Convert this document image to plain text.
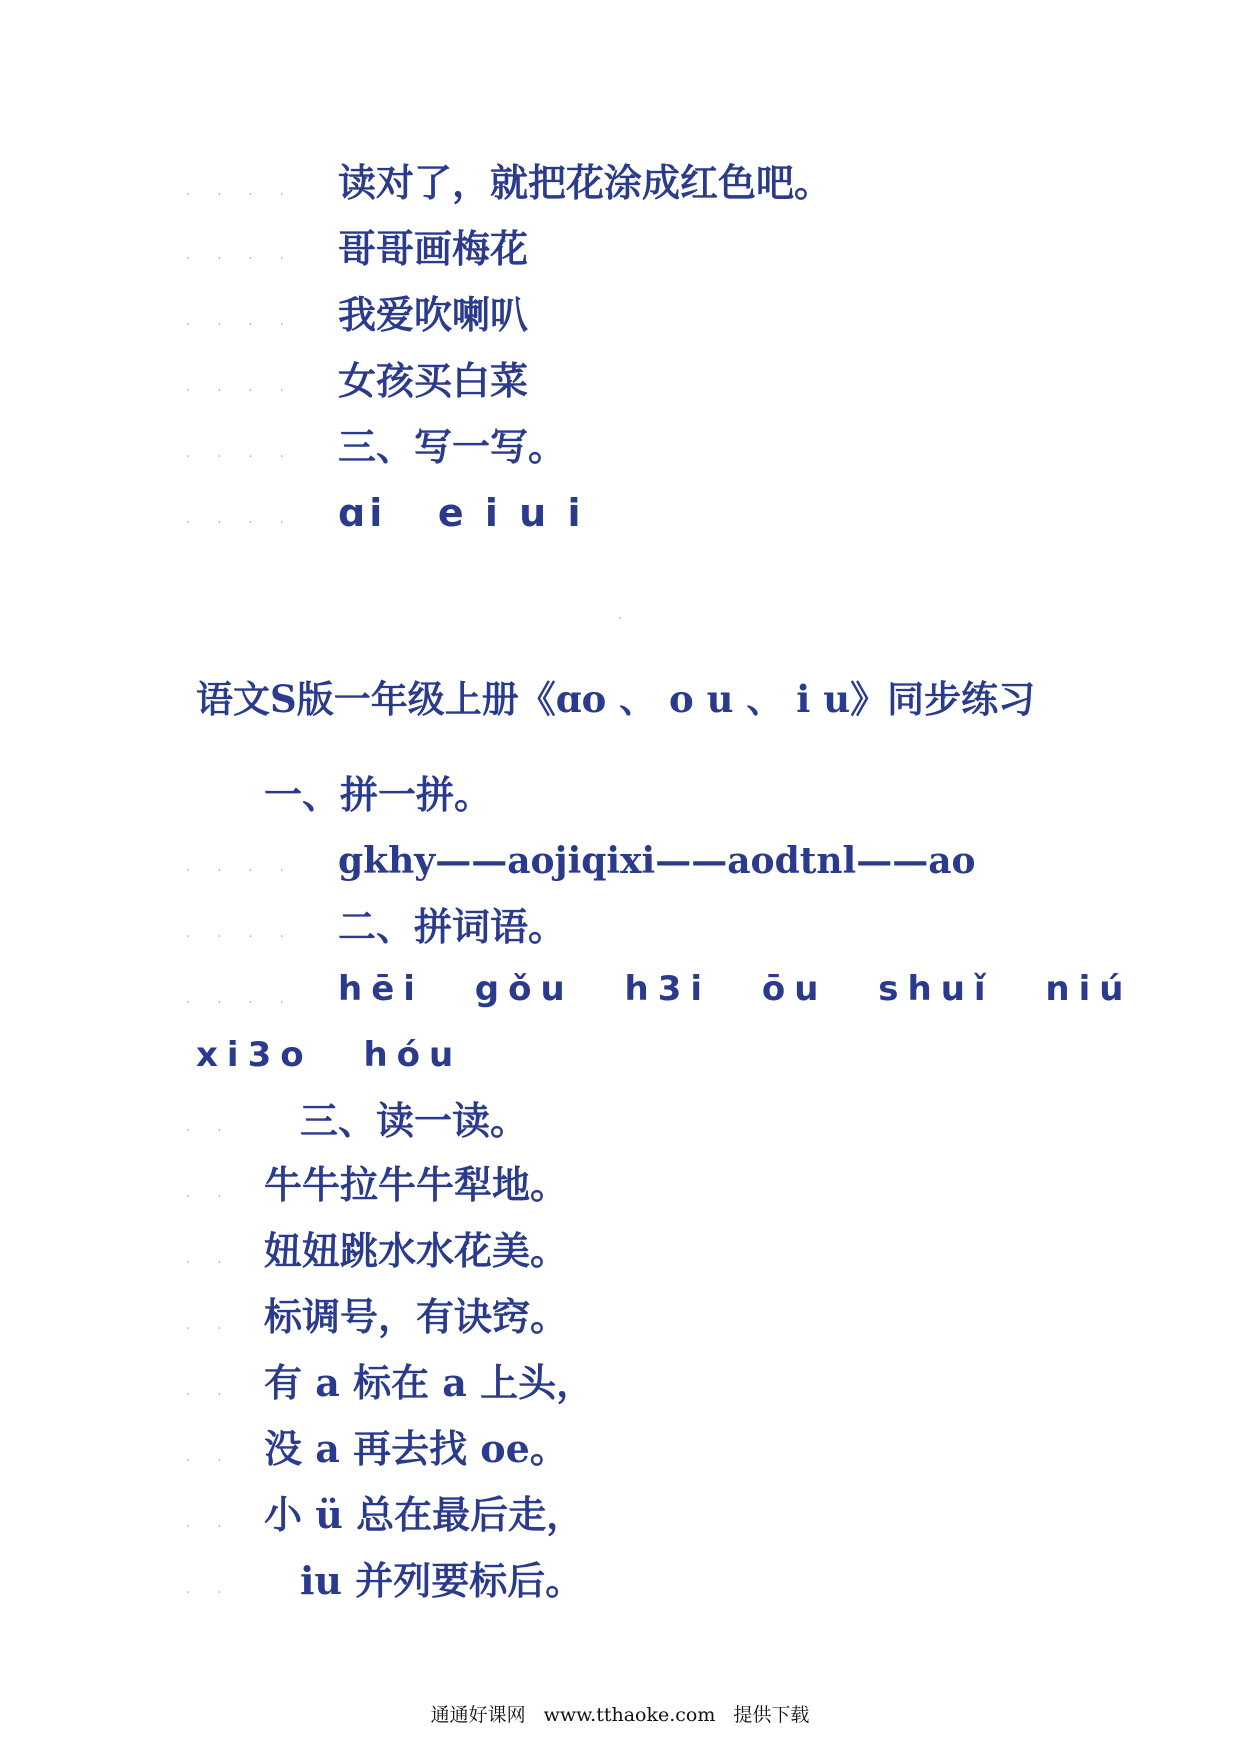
·      ·      ·      ·
·      ·      ·      ·
·      ·      ·      ·
·      ·      ·      ·
·      ·      ·      ·
·      ·      ·      ·
·      ·      ·      ·
·      ·      ·      ·
·      ·      ·      ·
·      ·
·      ·
·      ·
·      ·
·      ·
·      ·
·      ·
·      ·
·
读对了，就把花涂成红色吧。
哥哥画梅花
我爱吹喇叭
女孩买白菜
三、写一写。
ɑi   e i u i
语文S版一年级上册《ɑo 、 o u 、 i u》同步练习
一、拼一拼。
gkhy——aojiqixi——aodtnl——ao
二、拼词语。
hēi gǒu h3i ōu shuǐ niú
xi3o hóu
三、读一读。
牛牛拉牛牛犁地。
妞妞跳水水花美。
标调号，有诀窍。
有 a 标在 a 上头，
没 a 再去找 oe。
小 ü 总在最后走，
iu 并列要标后。
通通好课网 www.tthaoke.com 提供下载
